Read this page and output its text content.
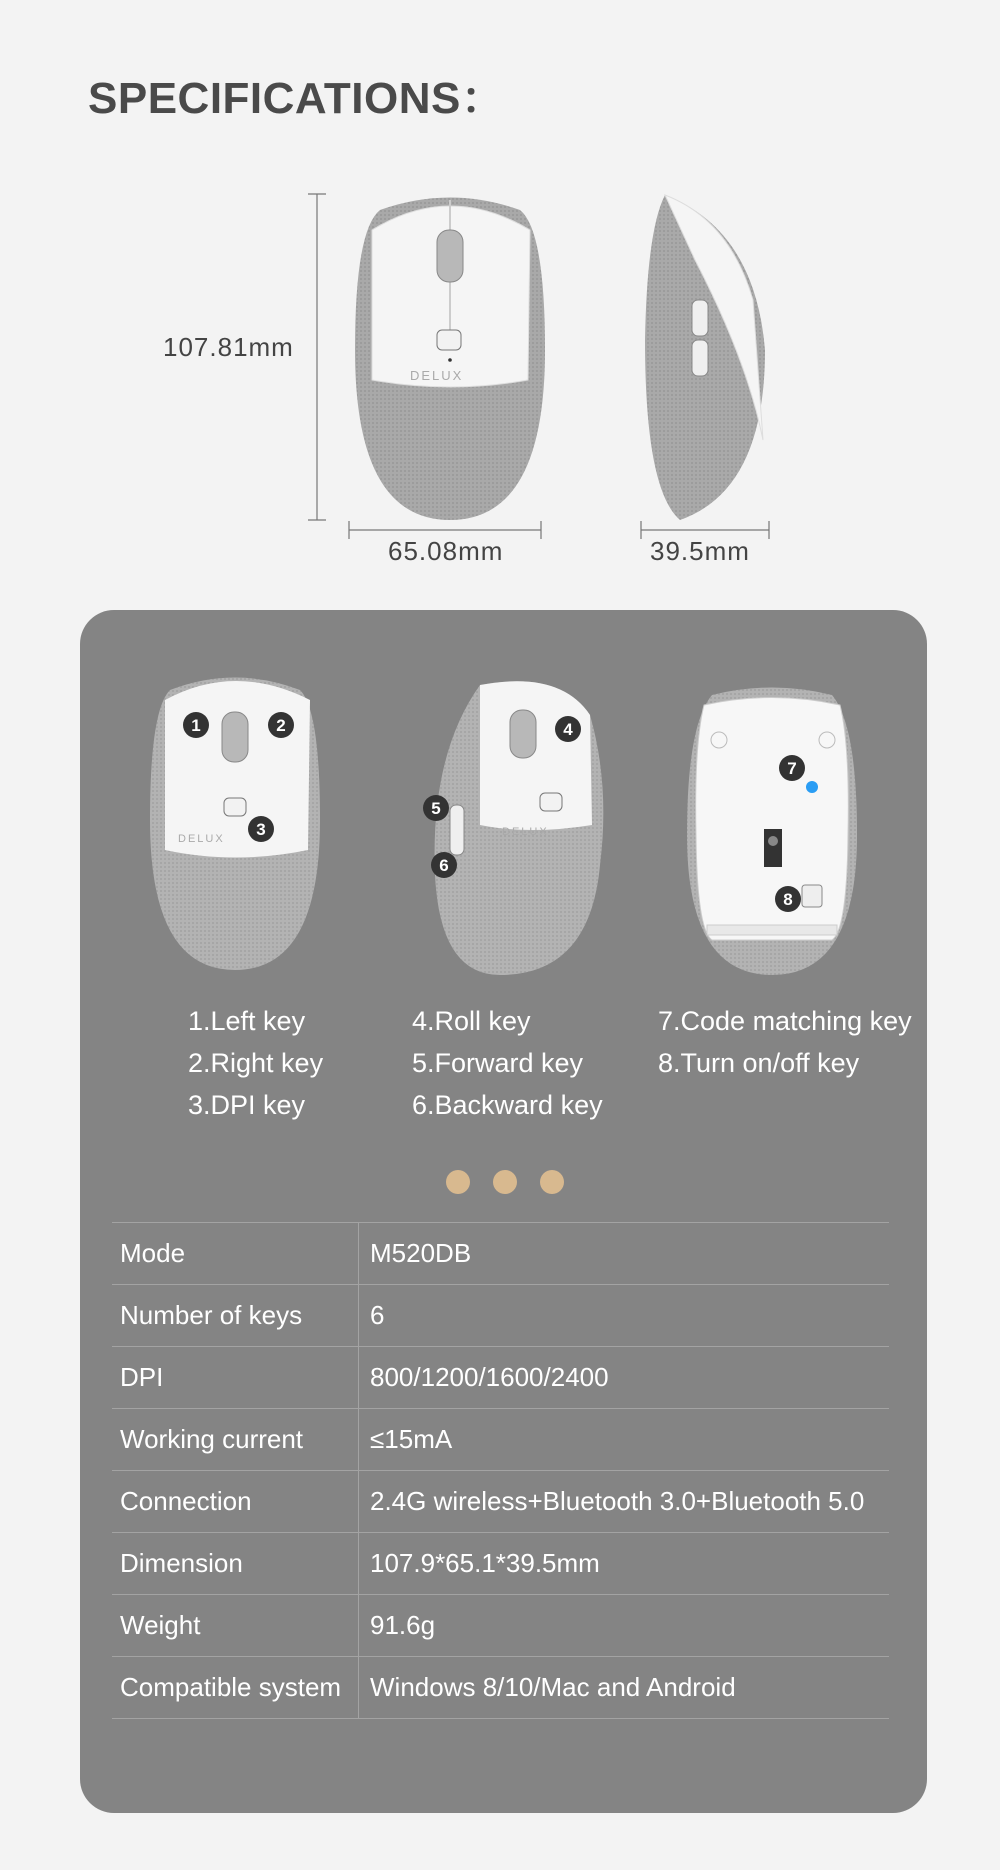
SPECIFICATIONS：
107.81mm
65.08mm	39.5mm
DELUX
DELUX
DELUX
1	2
3
4
5
6
7
8
1.Left key
2.Right key
3.DPI key
4.Roll key
5.Forward key
6.Backward key
7.Code matching key
8.Turn on/off key
Mode	M520DB
Number of keys	6
DPI	800/1200/1600/2400
Working current	≤15mA
Connection	2.4G wireless+Bluetooth 3.0+Bluetooth 5.0
Dimension	107.9*65.1*39.5mm
Weight	91.6g
Compatible system	Windows 8/10/Mac and Android
